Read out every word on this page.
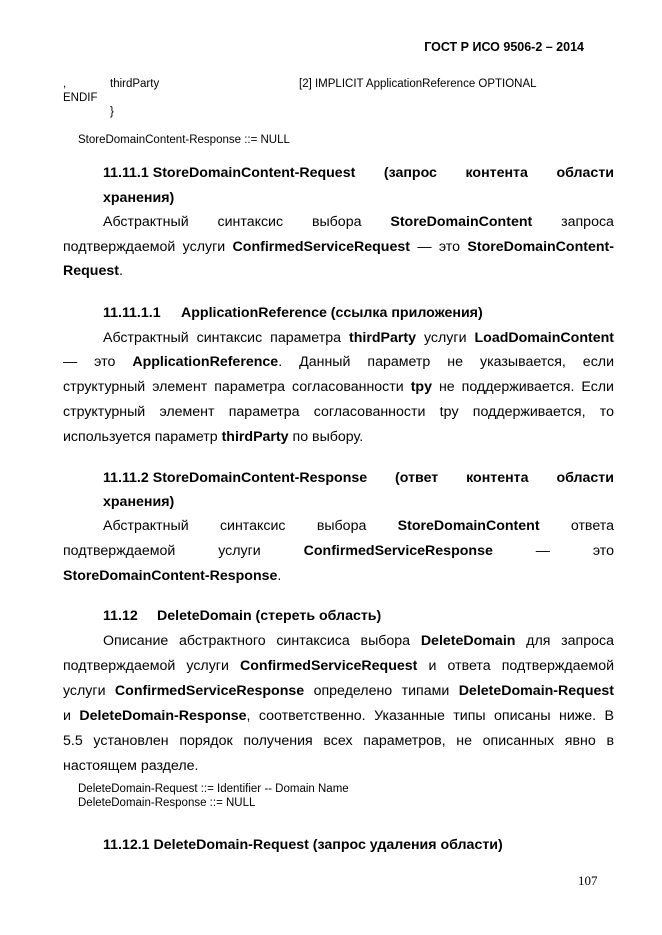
ГОСТ Р ИСО 9506-2 – 2014
,	thirdParty	[2] IMPLICIT ApplicationReference OPTIONAL
ENDIF
}
StoreDomainContent-Response ::= NULL
11.11.1 StoreDomainContent-Request (запрос контента области
хранения)
Абстрактный синтаксис выбора StoreDomainContent запроса
подтверждаемой услуги ConfirmedServiceRequest — это StoreDomainContent-
Request.
11.11.1.1 ApplicationReference (ссылка приложения)
Абстрактный синтаксис параметра thirdParty услуги LoadDomainContent
— это ApplicationReference. Данный параметр не указывается, если
структурный элемент параметра согласованности tpy не поддерживается. Если
структурный элемент параметра согласованности tpy поддерживается, то
используется параметр thirdParty по выбору.
11.11.2 StoreDomainContent-Response (ответ контента области
хранения)
Абстрактный синтаксис выбора StoreDomainContent ответа
подтверждаемой	услуги	ConfirmedServiceResponse	—	это
StoreDomainContent-Response.
11.12 DeleteDomain (стереть область)
Описание абстрактного синтаксиса выбора DeleteDomain для запроса
подтверждаемой услуги ConfirmedServiceRequest и ответа подтверждаемой
услуги ConfirmedServiceResponse определено типами DeleteDomain-Request
и DeleteDomain-Response, соответственно. Указанные типы описаны ниже. В
5.5 установлен порядок получения всех параметров, не описанных явно в
настоящем разделе.
DeleteDomain-Request ::= Identifier -- Domain Name
DeleteDomain-Response ::= NULL
11.12.1 DeleteDomain-Request (запрос удаления области)
107
